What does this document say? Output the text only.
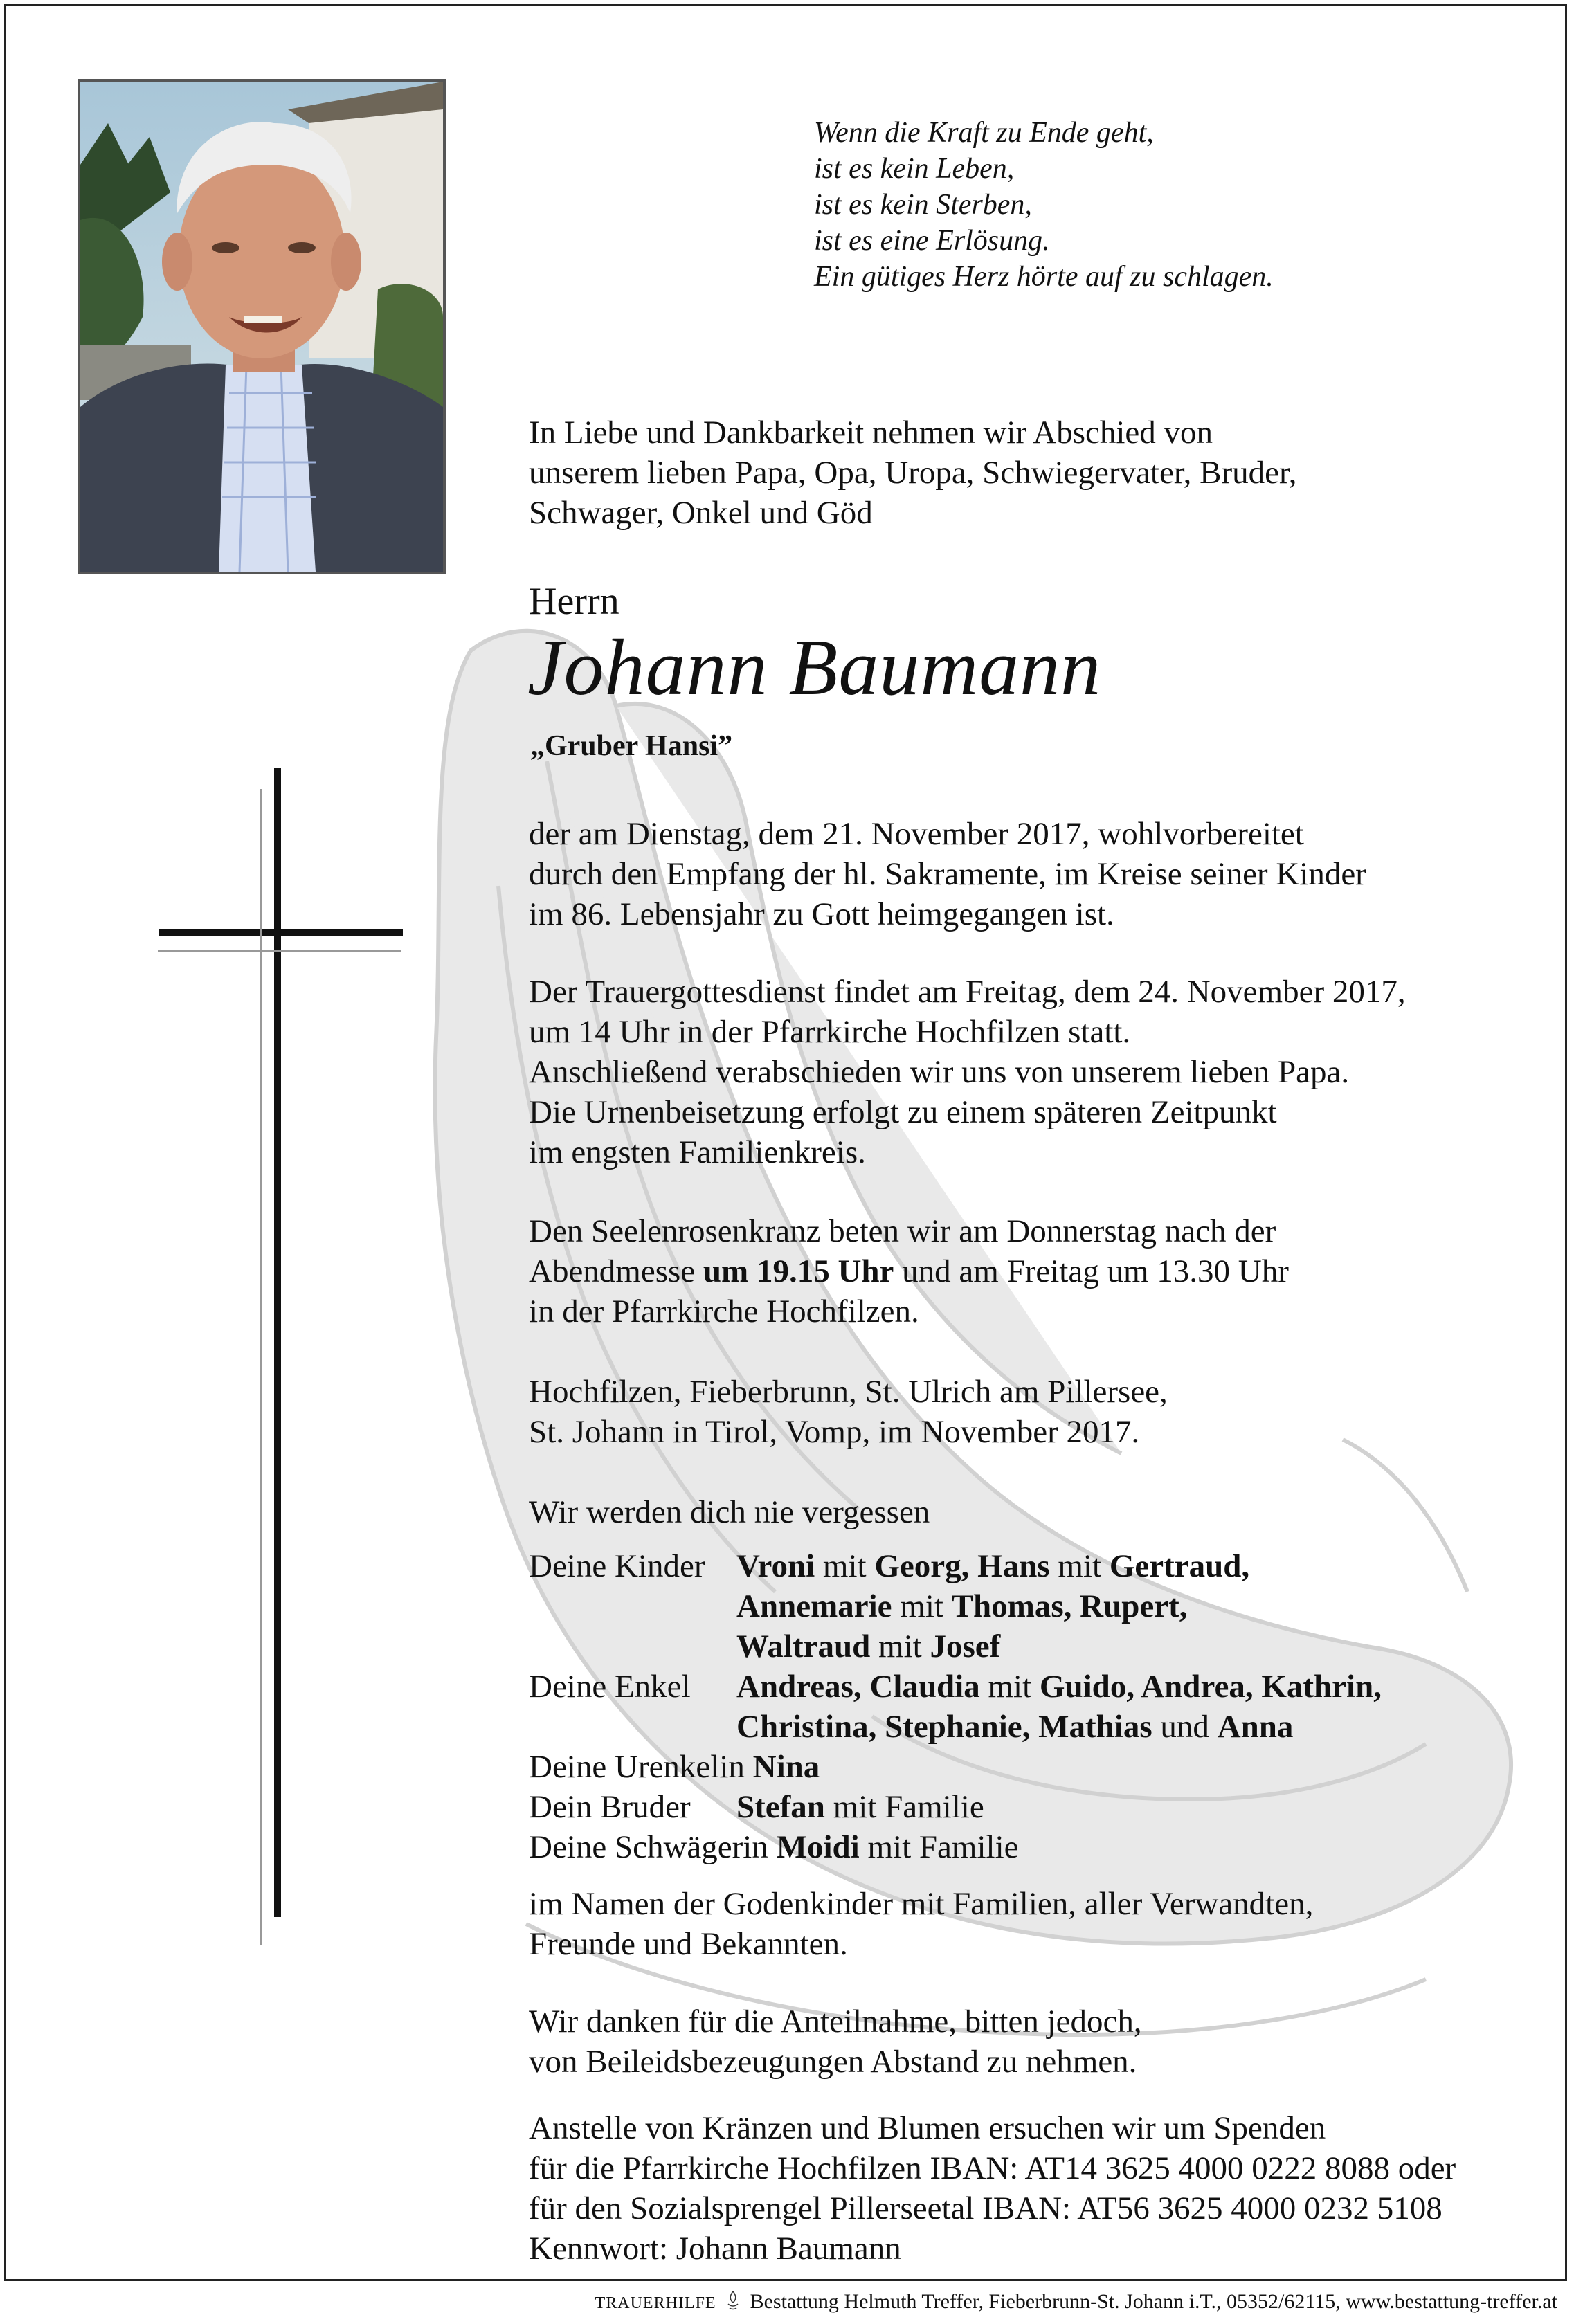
Wenn die Kraft zu Ende geht,

ist es kein Leben,

ist es kein Sterben,

ist es eine Erlösung.

Ein gütiges Herz hörte auf zu schlagen.

In Liebe und Dankbarkeit nehmen wir Abschied von

unserem lieben Papa, Opa, Uropa, Schwiegervater, Bruder,

Schwager, Onkel und Göd

Herrn
Johann Baumann
„Gruber Hansi”

der am Dienstag, dem 21. November 2017, wohlvorbereitet

durch den Empfang der hl. Sakramente, im Kreise seiner Kinder

im 86. Lebensjahr zu Gott heimgegangen ist.

Der Trauergottesdienst findet am Freitag, dem 24. November 2017,

um 14 Uhr in der Pfarrkirche Hochfilzen statt.

Anschließend verabschieden wir uns von unserem lieben Papa.

Die Urnenbeisetzung erfolgt zu einem späteren Zeitpunkt

im engsten Familienkreis.

Den Seelenrosenkranz beten wir am Donnerstag nach der

Abendmesse um 19.15 Uhr und am Freitag um 13.30 Uhr

in der Pfarrkirche Hochfilzen.

Hochfilzen, Fieberbrunn, St. Ulrich am Pillersee,

St. Johann in Tirol, Vomp, im November 2017.

Wir werden dich nie vergessen

Deine Kinder Vroni mit Georg, Hans mit Gertraud,
Annemarie mit Thomas, Rupert,
Waltraud mit Josef
Deine Enkel	Andreas, Claudia mit Guido, Andrea, Kathrin,
Christina, Stephanie, Mathias und Anna
Deine Urenkelin Nina
Dein Bruder	Stefan mit Familie
Deine Schwägerin Moidi mit Familie

im Namen der Godenkinder mit Familien, aller Verwandten,

Freunde und Bekannten.

Wir danken für die Anteilnahme, bitten jedoch,

von Beileidsbezeugungen Abstand zu nehmen.

Anstelle von Kränzen und Blumen ersuchen wir um Spenden

für die Pfarrkirche Hochfilzen IBAN: AT14 3625 4000 0222 8088 oder

für den Sozialsprengel Pillerseetal IBAN: AT56 3625 4000 0232 5108

Kennwort: Johann Baumann

TRAUERHILFE Bestattung Helmuth Treffer, Fieberbrunn-St. Johann i.T., 05352/62115, www.bestattung-treffer.at
